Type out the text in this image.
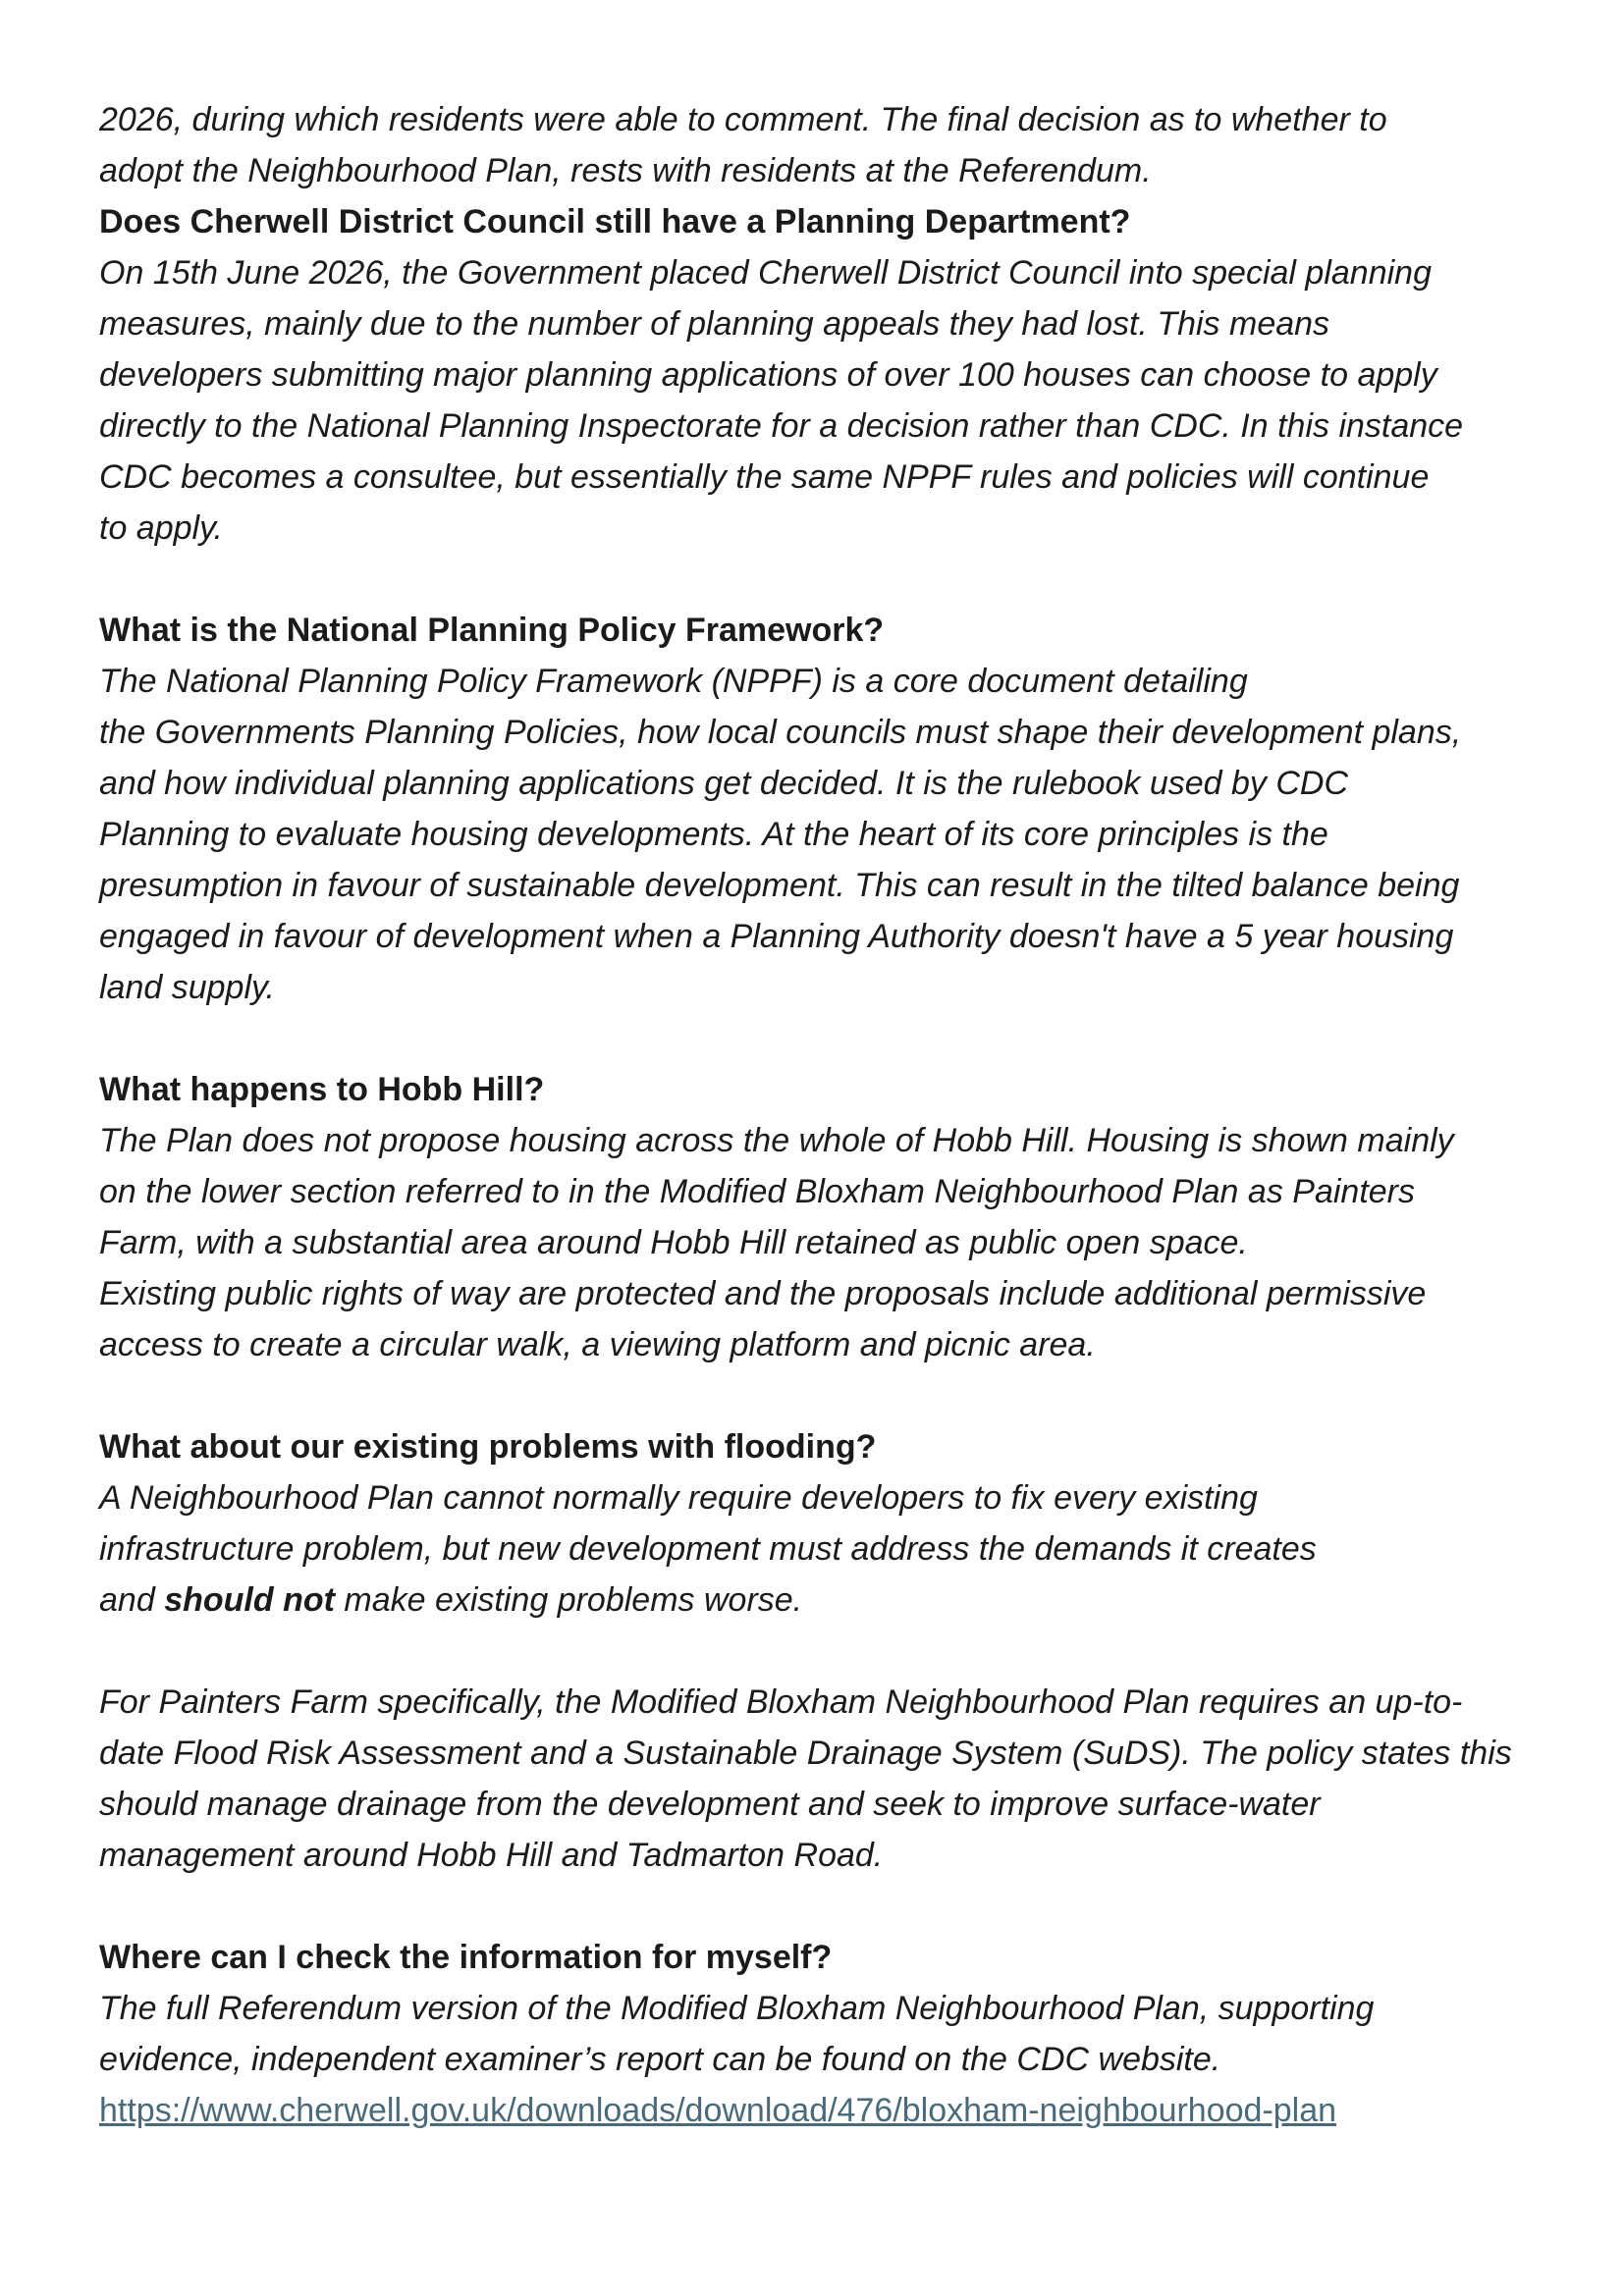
2026, during which residents were able to comment. The final decision as to whether to
adopt the Neighbourhood Plan, rests with residents at the Referendum.
Does Cherwell District Council still have a Planning Department?
On 15th June 2026, the Government placed Cherwell District Council into special planning
measures, mainly due to the number of planning appeals they had lost. This means
developers submitting major planning applications of over 100 houses can choose to apply
directly to the National Planning Inspectorate for a decision rather than CDC. In this instance
CDC becomes a consultee, but essentially the same NPPF rules and policies will continue
to apply.
What is the National Planning Policy Framework?
The National Planning Policy Framework (NPPF) is a core document detailing
the Governments Planning Policies, how local councils must shape their development plans,
and how individual planning applications get decided. It is the rulebook used by CDC
Planning to evaluate housing developments. At the heart of its core principles is the
presumption in favour of sustainable development. This can result in the tilted balance being
engaged in favour of development when a Planning Authority doesn't have a 5 year housing
land supply.
What happens to Hobb Hill?
The Plan does not propose housing across the whole of Hobb Hill. Housing is shown mainly
on the lower section referred to in the Modified Bloxham Neighbourhood Plan as Painters
Farm, with a substantial area around Hobb Hill retained as public open space.
Existing public rights of way are protected and the proposals include additional permissive
access to create a circular walk, a viewing platform and picnic area.
What about our existing problems with flooding?
A Neighbourhood Plan cannot normally require developers to fix every existing
infrastructure problem, but new development must address the demands it creates
and should not make existing problems worse.
For Painters Farm specifically, the Modified Bloxham Neighbourhood Plan requires an up-to-
date Flood Risk Assessment and a Sustainable Drainage System (SuDS). The policy states this
should manage drainage from the development and seek to improve surface-water
management around Hobb Hill and Tadmarton Road.
Where can I check the information for myself?
The full Referendum version of the Modified Bloxham Neighbourhood Plan, supporting
evidence, independent examiner’s report can be found on the CDC website.
https://www.cherwell.gov.uk/downloads/download/476/bloxham-neighbourhood-plan
